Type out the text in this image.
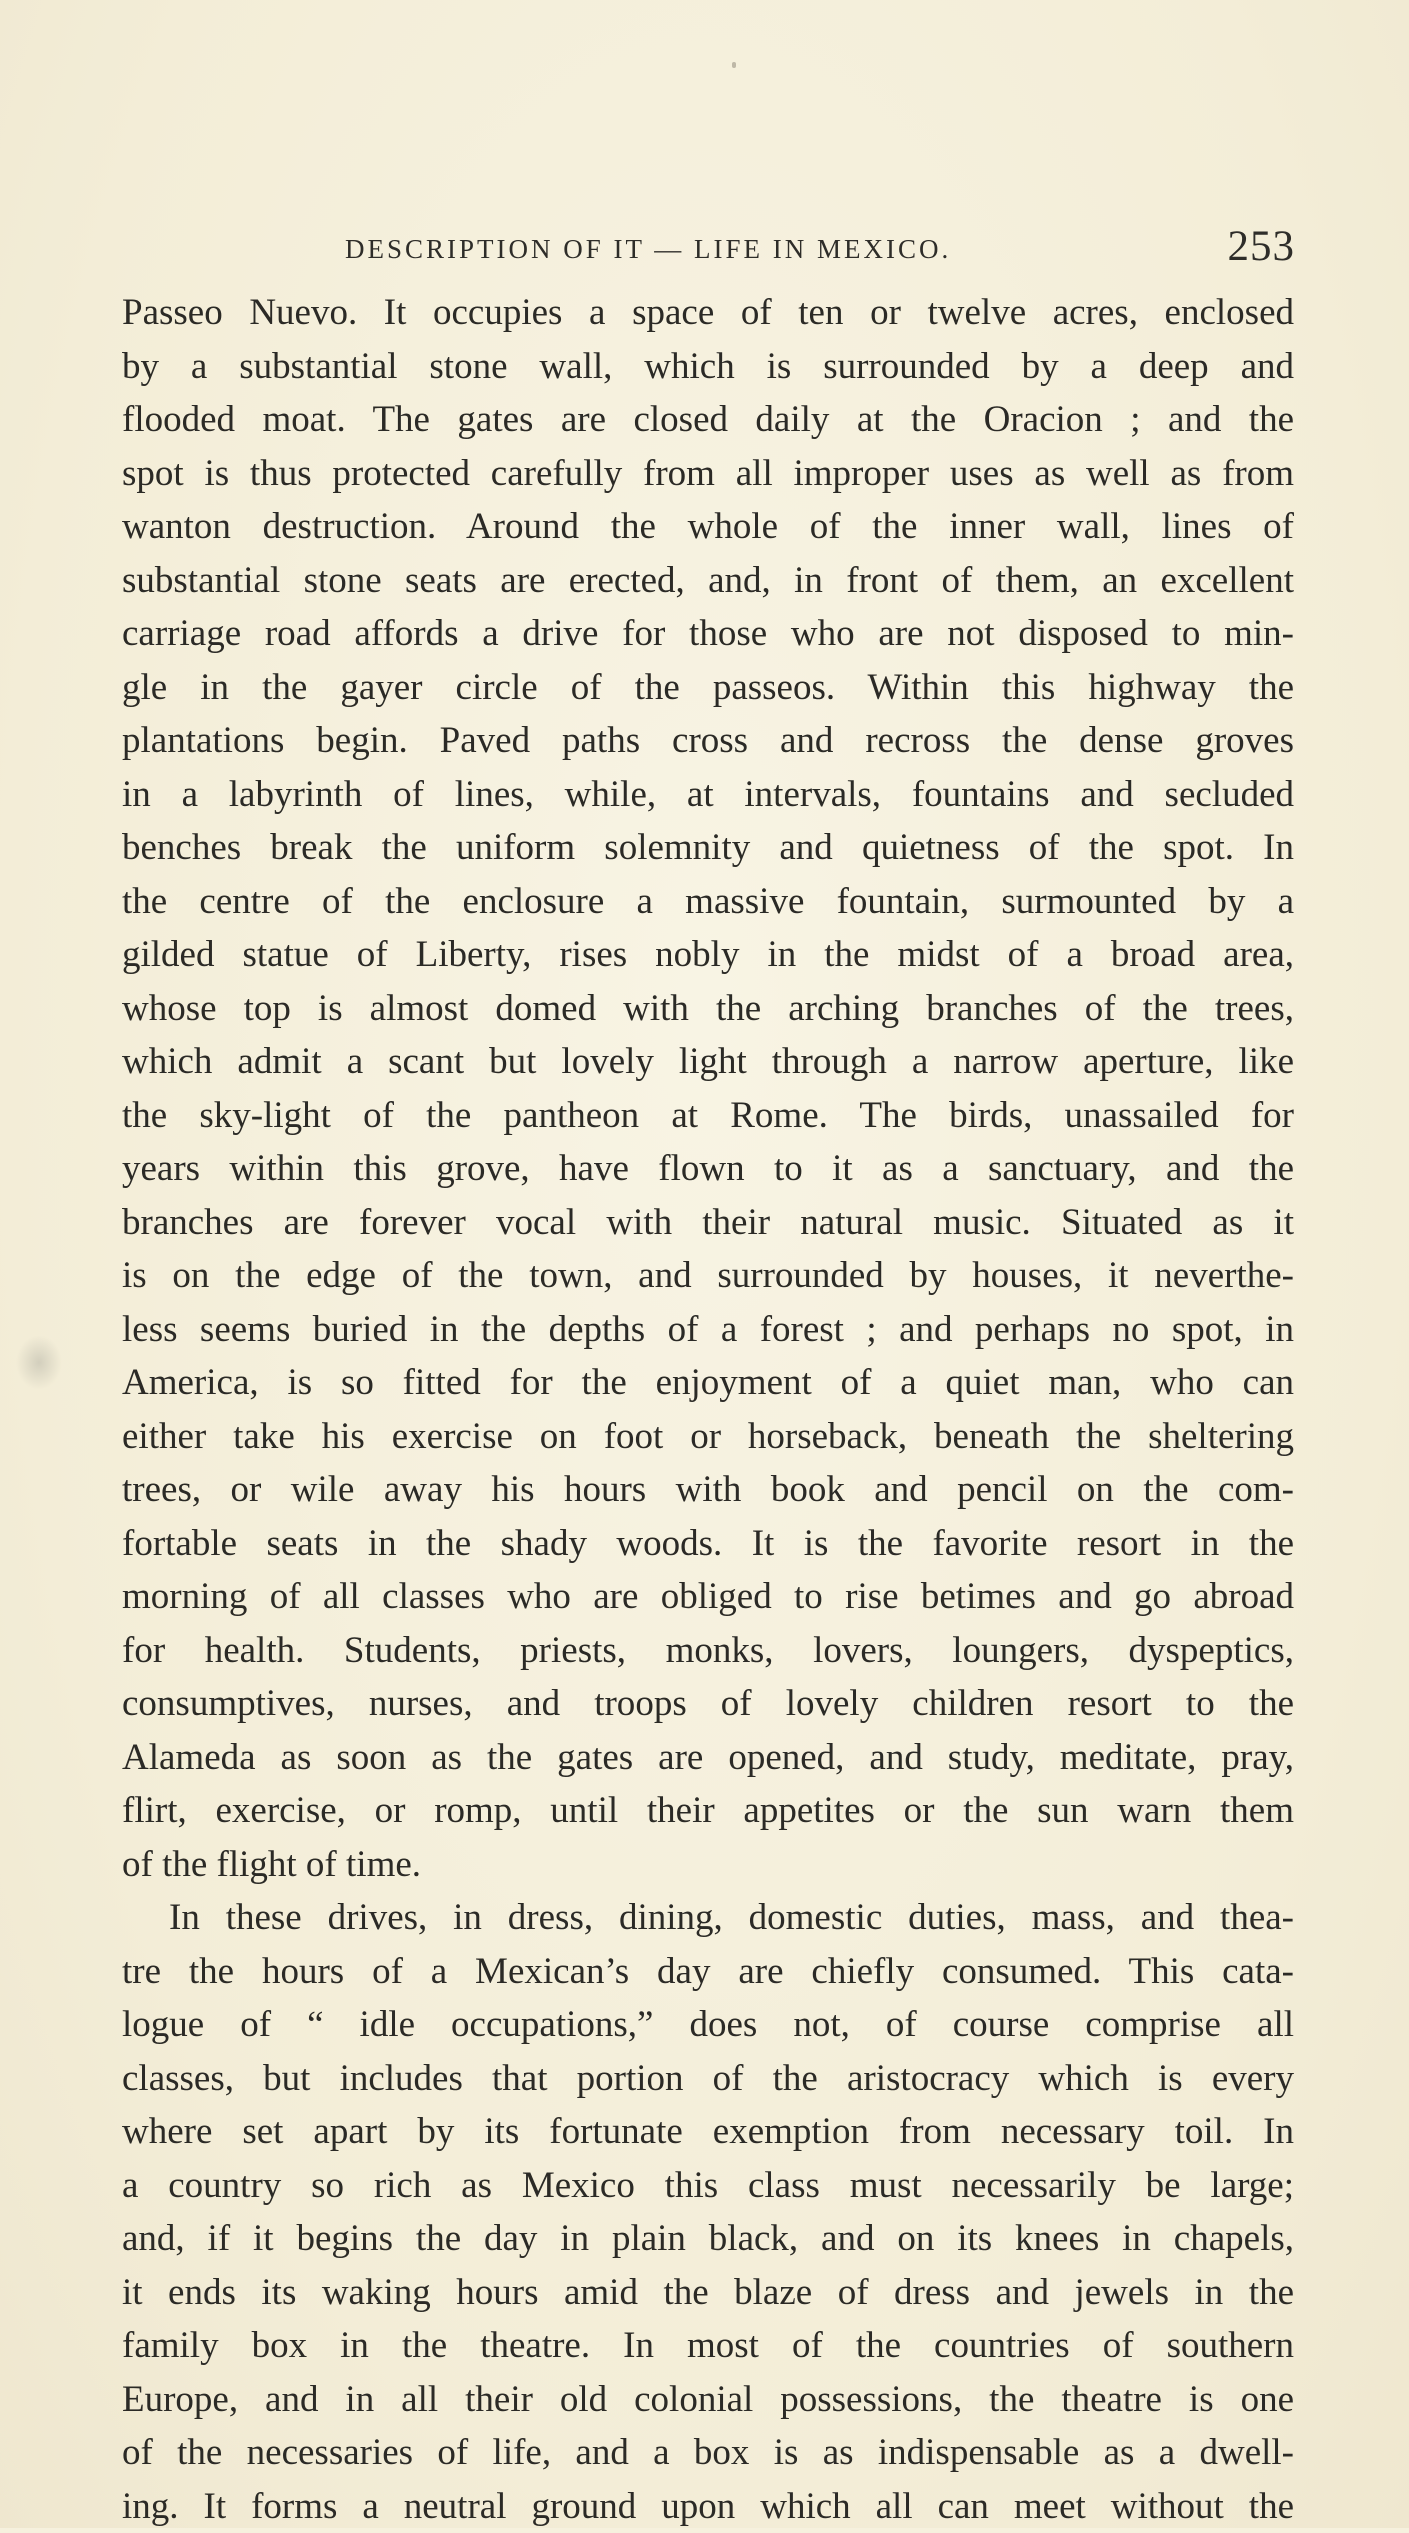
DESCRIPTION OF IT — LIFE IN MEXICO.	253
Passeo Nuevo. It occupies a space of ten or twelve acres, enclosed
by a substantial stone wall, which is surrounded by a deep and
flooded moat. The gates are closed daily at the Oracion ; and the
spot is thus protected carefully from all improper uses as well as from
wanton destruction. Around the whole of the inner wall, lines of
substantial stone seats are erected, and, in front of them, an excellent
carriage road affords a drive for those who are not disposed to min-
gle in the gayer circle of the passeos. Within this highway the
plantations begin. Paved paths cross and recross the dense groves
in a labyrinth of lines, while, at intervals, fountains and secluded
benches break the uniform solemnity and quietness of the spot. In
the centre of the enclosure a massive fountain, surmounted by a
gilded statue of Liberty, rises nobly in the midst of a broad area,
whose top is almost domed with the arching branches of the trees,
which admit a scant but lovely light through a narrow aperture, like
the sky-light of the pantheon at Rome. The birds, unassailed for
years within this grove, have flown to it as a sanctuary, and the
branches are forever vocal with their natural music. Situated as it
is on the edge of the town, and surrounded by houses, it neverthe-
less seems buried in the depths of a forest ; and perhaps no spot, in
America, is so fitted for the enjoyment of a quiet man, who can
either take his exercise on foot or horseback, beneath the sheltering
trees, or wile away his hours with book and pencil on the com-
fortable seats in the shady woods. It is the favorite resort in the
morning of all classes who are obliged to rise betimes and go abroad
for health. Students, priests, monks, lovers, loungers, dyspeptics,
consumptives, nurses, and troops of lovely children resort to the
Alameda as soon as the gates are opened, and study, meditate, pray,
flirt, exercise, or romp, until their appetites or the sun warn them
of the flight of time.
In these drives, in dress, dining, domestic duties, mass, and thea-
tre the hours of a Mexican’s day are chiefly consumed. This cata-
logue of “ idle occupations,” does not, of course comprise all
classes, but includes that portion of the aristocracy which is every
where set apart by its fortunate exemption from necessary toil. In
a country so rich as Mexico this class must necessarily be large;
and, if it begins the day in plain black, and on its knees in chapels,
it ends its waking hours amid the blaze of dress and jewels in the
family box in the theatre. In most of the countries of southern
Europe, and in all their old colonial possessions, the theatre is one
of the necessaries of life, and a box is as indispensable as a dwell-
ing. It forms a neutral ground upon which all can meet without the
